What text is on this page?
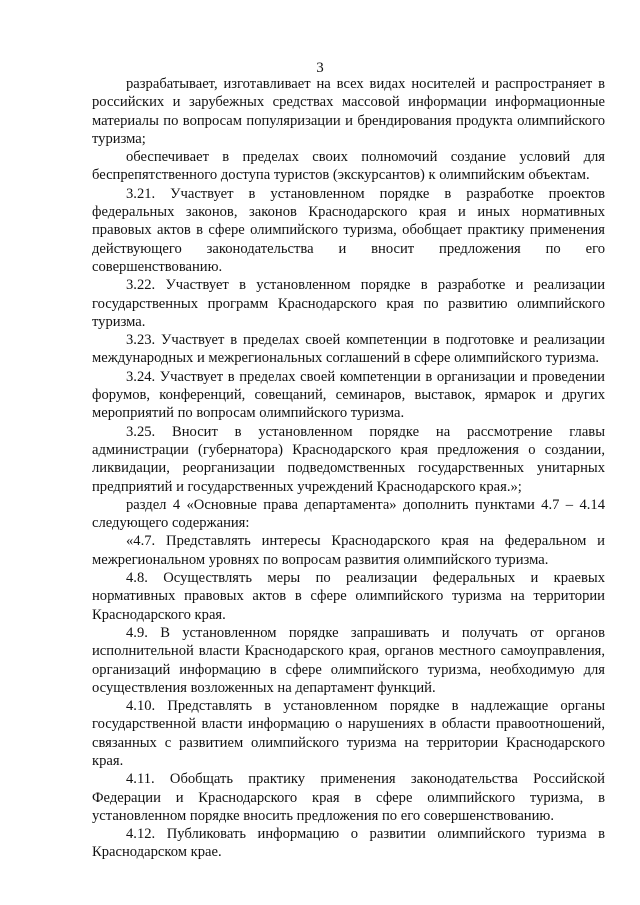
3

разрабатывает, изготавливает на всех видах носителей и распространяет в российских и зарубежных средствах массовой информации информационные материалы по вопросам популяризации и брендирования продукта олимпийского туризма;

обеспечивает в пределах своих полномочий создание условий для беспрепятственного доступа туристов (экскурсантов) к олимпийским объектам.

3.21. Участвует в установленном порядке в разработке проектов федеральных законов, законов Краснодарского края и иных нормативных правовых актов в сфере олимпийского туризма, обобщает практику применения действующего законодательства и вносит предложения по его совершенствованию.

3.22. Участвует в установленном порядке в разработке и реализации государственных программ Краснодарского края по развитию олимпийского туризма.

3.23. Участвует в пределах своей компетенции в подготовке и реализации международных и межрегиональных соглашений в сфере олимпийского туризма.

3.24. Участвует в пределах своей компетенции в организации и проведении форумов, конференций, совещаний, семинаров, выставок, ярмарок и других мероприятий по вопросам олимпийского туризма.

3.25. Вносит в установленном порядке на рассмотрение главы администрации (губернатора) Краснодарского края предложения о создании, ликвидации, реорганизации подведомственных государственных унитарных предприятий и государственных учреждений Краснодарского края.»;

раздел 4 «Основные права департамента» дополнить пунктами 4.7 – 4.14 следующего содержания:

«4.7. Представлять интересы Краснодарского края на федеральном и межрегиональном уровнях по вопросам развития олимпийского туризма.

4.8. Осуществлять меры по реализации федеральных и краевых нормативных правовых актов в сфере олимпийского туризма на территории Краснодарского края.

4.9. В установленном порядке запрашивать и получать от органов исполнительной власти Краснодарского края, органов местного самоуправления, организаций информацию в сфере олимпийского туризма, необходимую для осуществления возложенных на департамент функций.

4.10. Представлять в установленном порядке в надлежащие органы государственной власти информацию о нарушениях в области правоотношений, связанных с развитием олимпийского туризма на территории Краснодарского края.

4.11. Обобщать практику применения законодательства Российской Федерации и Краснодарского края в сфере олимпийского туризма, в установленном порядке вносить предложения по его совершенствованию.

4.12. Публиковать информацию о развитии олимпийского туризма в Краснодарском крае.
